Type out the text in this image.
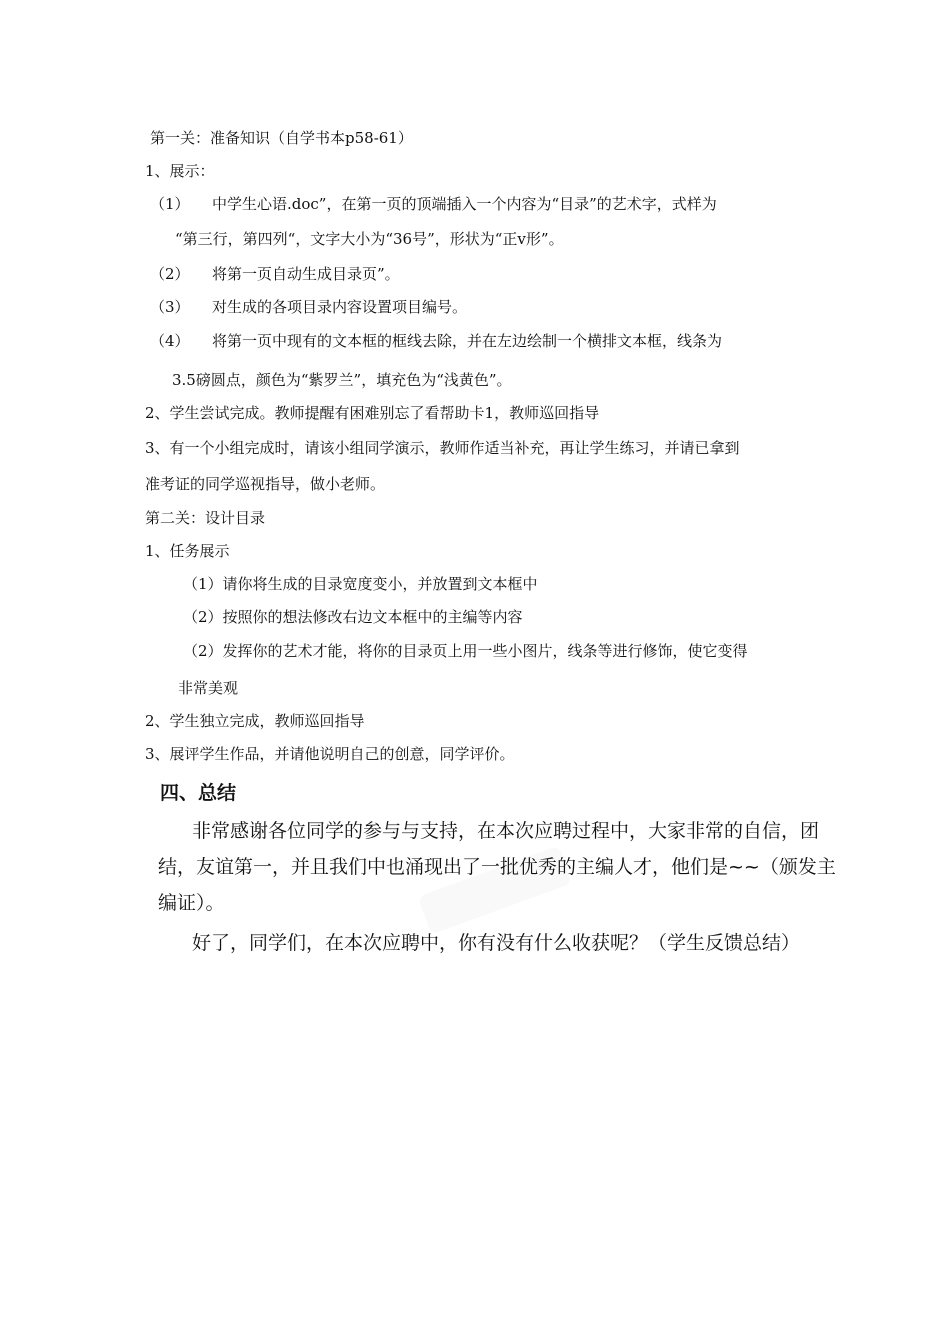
第一关：准备知识（自学书本p58-61）
1、展示：
（1） 中学生心语.doc”，在第一页的顶端插入一个内容为“目录”的艺术字，式样为
“第三行，第四列“，文字大小为“36号”，形状为“正v形”。
（2） 将第一页自动生成目录页”。
（3） 对生成的各项目录内容设置项目编号。
（4） 将第一页中现有的文本框的框线去除，并在左边绘制一个横排文本框，线条为
3.5磅圆点，颜色为“紫罗兰”，填充色为“浅黄色”。
2、学生尝试完成。教师提醒有困难别忘了看帮助卡1，教师巡回指导
3、有一个小组完成时，请该小组同学演示，教师作适当补充，再让学生练习，并请已拿到
准考证的同学巡视指导，做小老师。
第二关：设计目录
1、任务展示
（1）请你将生成的目录宽度变小，并放置到文本框中
（2）按照你的想法修改右边文本框中的主编等内容
（2）发挥你的艺术才能，将你的目录页上用一些小图片，线条等进行修饰，使它变得
非常美观
2、学生独立完成，教师巡回指导
3、展评学生作品，并请他说明自己的创意，同学评价。
四、总结
非常感谢各位同学的参与与支持，在本次应聘过程中，大家非常的自信，团
结，友谊第一，并且我们中也涌现出了一批优秀的主编人才，他们是~~（颁发主
编证）。
好了，同学们，在本次应聘中，你有没有什么收获呢？（学生反馈总结）
